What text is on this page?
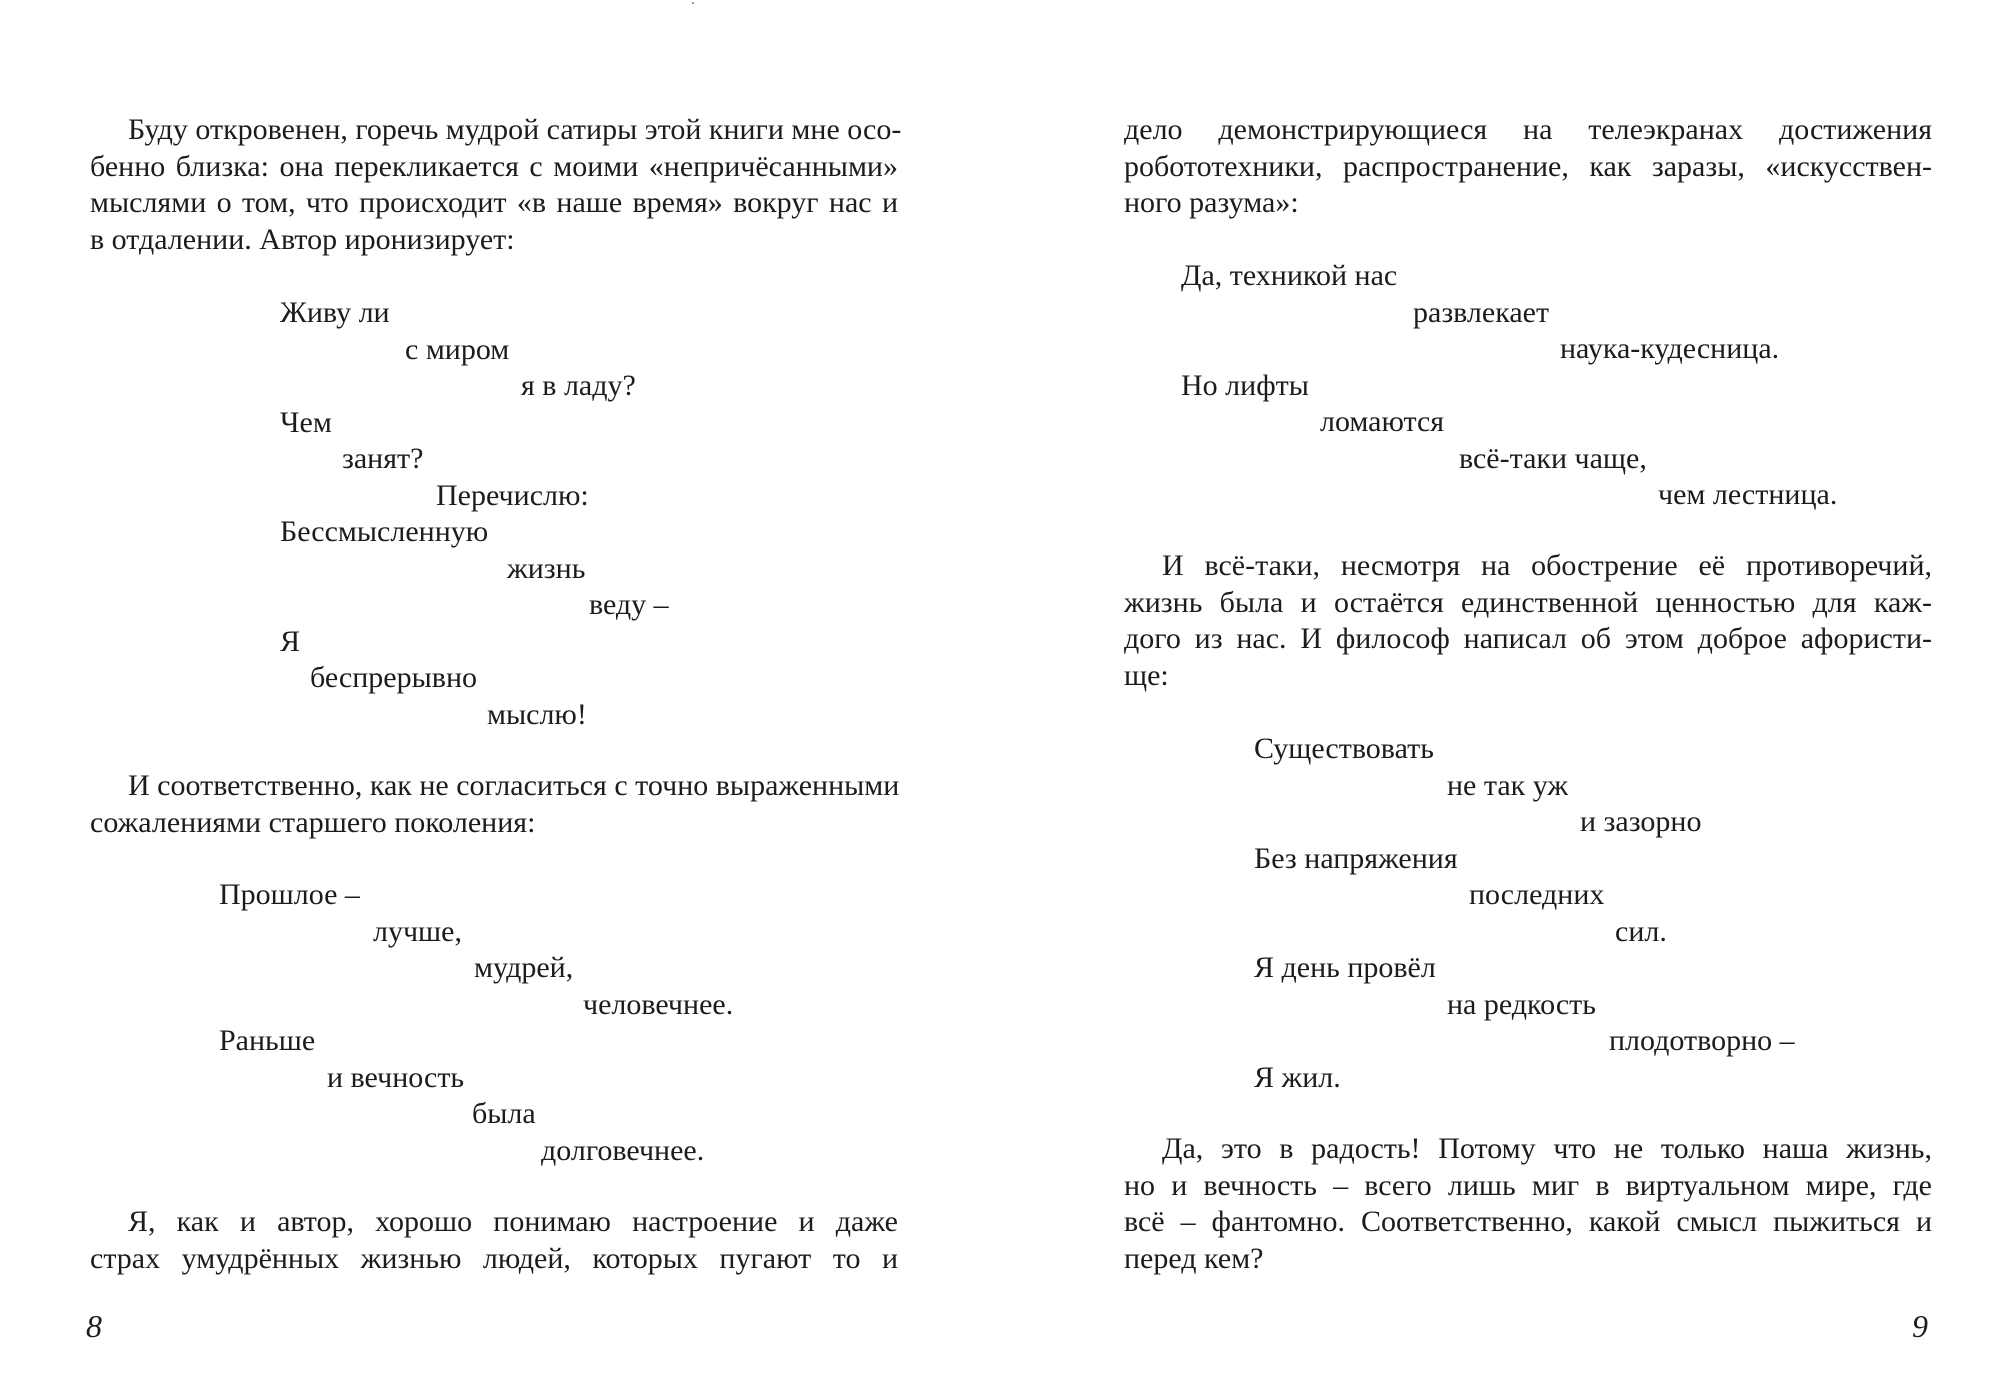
Буду откровенен, горечь мудрой сатиры этой книги мне осо-
бенно близка: она перекликается с моими «непричёсанными»
мыслями о том, что происходит «в наше время» вокруг нас и
в отдалении. Автор иронизирует:
Живу ли
с миром
я в ладу?
Чем
занят?
Перечислю:
Бессмысленную
жизнь
веду –
Я
беспрерывно
мыслю!
И соответственно, как не согласиться с точно выраженными
сожалениями старшего поколения:
Прошлое –
лучше,
мудрей,
человечнее.
Раньше
и вечность
была
долговечнее.
Я, как и автор, хорошо понимаю настроение и даже
страх умудрённых жизнью людей, которых пугают то и
8
дело демонстрирующиеся на телеэкранах достижения
робототехники, распространение, как заразы, «искусствен-
ного разума»:
Да, техникой нас
развлекает
наука-кудесница.
Но лифты
ломаются
всё-таки чаще,
чем лестница.
И всё-таки, несмотря на обострение её противоречий,
жизнь была и остаётся единственной ценностью для каж-
дого из нас. И философ написал об этом доброе афористи-
ще:
Существовать
не так уж
и зазорно
Без напряжения
последних
сил.
Я день провёл
на редкость
плодотворно –
Я жил.
Да, это в радость! Потому что не только наша жизнь,
но и вечность – всего лишь миг в виртуальном мире, где
всё – фантомно. Соответственно, какой смысл пыжиться и
перед кем?
9
